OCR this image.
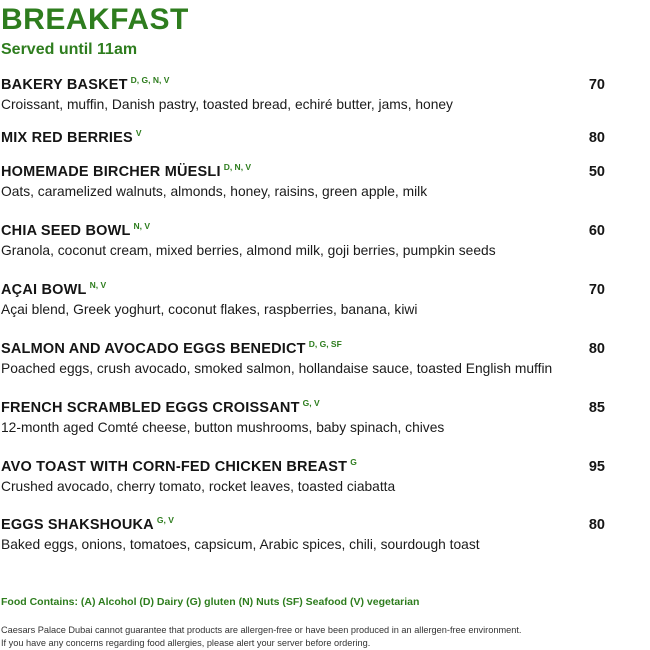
BREAKFAST
Served until 11am
BAKERY BASKET $^{D, G, N, V}$	70
Croissant, muffin, Danish pastry, toasted bread, echiré butter, jams, honey
MIX RED BERRIES $^V$	80
HOMEMADE BIRCHER MÜESLI $^{D, N, V}$	50
Oats, caramelized walnuts, almonds, honey, raisins, green apple, milk
CHIA SEED BOWL $^{N, V}$	60
Granola, coconut cream, mixed berries, almond milk, goji berries, pumpkin seeds
AÇAI BOWL $^{N, V}$	70
Açai blend, Greek yoghurt, coconut flakes, raspberries, banana, kiwi
SALMON AND AVOCADO EGGS BENEDICT $^{D, G, SF}$	80
Poached eggs, crush avocado, smoked salmon, hollandaise sauce, toasted English muffin
FRENCH SCRAMBLED EGGS CROISSANT $^{G, V}$	85
12-month aged Comté cheese, button mushrooms, baby spinach, chives
AVO TOAST WITH CORN-FED CHICKEN BREAST $^G$	95
Crushed avocado, cherry tomato, rocket leaves, toasted ciabatta
EGGS SHAKSHOUKA $^{G, V}$	80
Baked eggs, onions, tomatoes, capsicum, Arabic spices, chili, sourdough toast
Food Contains: (A) Alcohol (D) Dairy (G) gluten (N) Nuts (SF) Seafood (V) vegetarian
Caesars Palace Dubai cannot guarantee that products are allergen-free or have been produced in an allergen-free environment.
If you have any concerns regarding food allergies, please alert your server before ordering.
